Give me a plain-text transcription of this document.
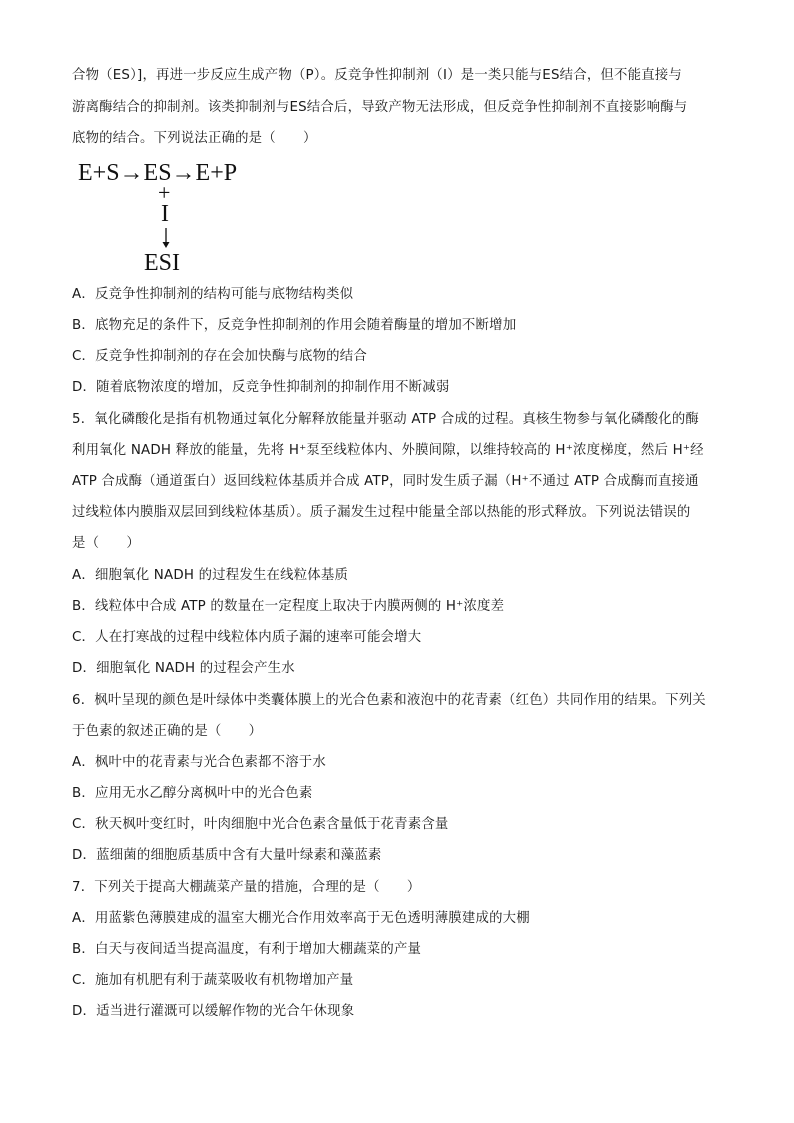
合物（ES）]，再进一步反应生成产物（P）。反竞争性抑制剂（Ⅰ）是一类只能与ES结合，但不能直接与
游离酶结合的抑制剂。该类抑制剂与ES结合后，导致产物无法形成，但反竞争性抑制剂不直接影响酶与
底物的结合。下列说法正确的是（　　）
E+S→ES→E+P
+
I
ESI
A．反竞争性抑制剂的结构可能与底物结构类似
B．底物充足的条件下，反竞争性抑制剂的作用会随着酶量的增加不断增加
C．反竞争性抑制剂的存在会加快酶与底物的结合
D．随着底物浓度的增加，反竞争性抑制剂的抑制作用不断减弱
5．氧化磷酸化是指有机物通过氧化分解释放能量并驱动 ATP 合成的过程。真核生物参与氧化磷酸化的酶
利用氧化 NADH 释放的能量，先将 H⁺泵至线粒体内、外膜间隙，以维持较高的 H⁺浓度梯度，然后 H⁺经
ATP 合成酶（通道蛋白）返回线粒体基质并合成 ATP，同时发生质子漏（H⁺不通过 ATP 合成酶而直接通
过线粒体内膜脂双层回到线粒体基质）。质子漏发生过程中能量全部以热能的形式释放。下列说法错误的
是（　　）
A．细胞氧化 NADH 的过程发生在线粒体基质
B．线粒体中合成 ATP 的数量在一定程度上取决于内膜两侧的 H⁺浓度差
C．人在打寒战的过程中线粒体内质子漏的速率可能会增大
D．细胞氧化 NADH 的过程会产生水
6．枫叶呈现的颜色是叶绿体中类囊体膜上的光合色素和液泡中的花青素（红色）共同作用的结果。下列关
于色素的叙述正确的是（　　）
A．枫叶中的花青素与光合色素都不溶于水
B．应用无水乙醇分离枫叶中的光合色素
C．秋天枫叶变红时，叶肉细胞中光合色素含量低于花青素含量
D．蓝细菌的细胞质基质中含有大量叶绿素和藻蓝素
7．下列关于提高大棚蔬菜产量的措施，合理的是（　　）
A．用蓝紫色薄膜建成的温室大棚光合作用效率高于无色透明薄膜建成的大棚
B．白天与夜间适当提高温度，有利于增加大棚蔬菜的产量
C．施加有机肥有利于蔬菜吸收有机物增加产量
D．适当进行灌溉可以缓解作物的光合午休现象
